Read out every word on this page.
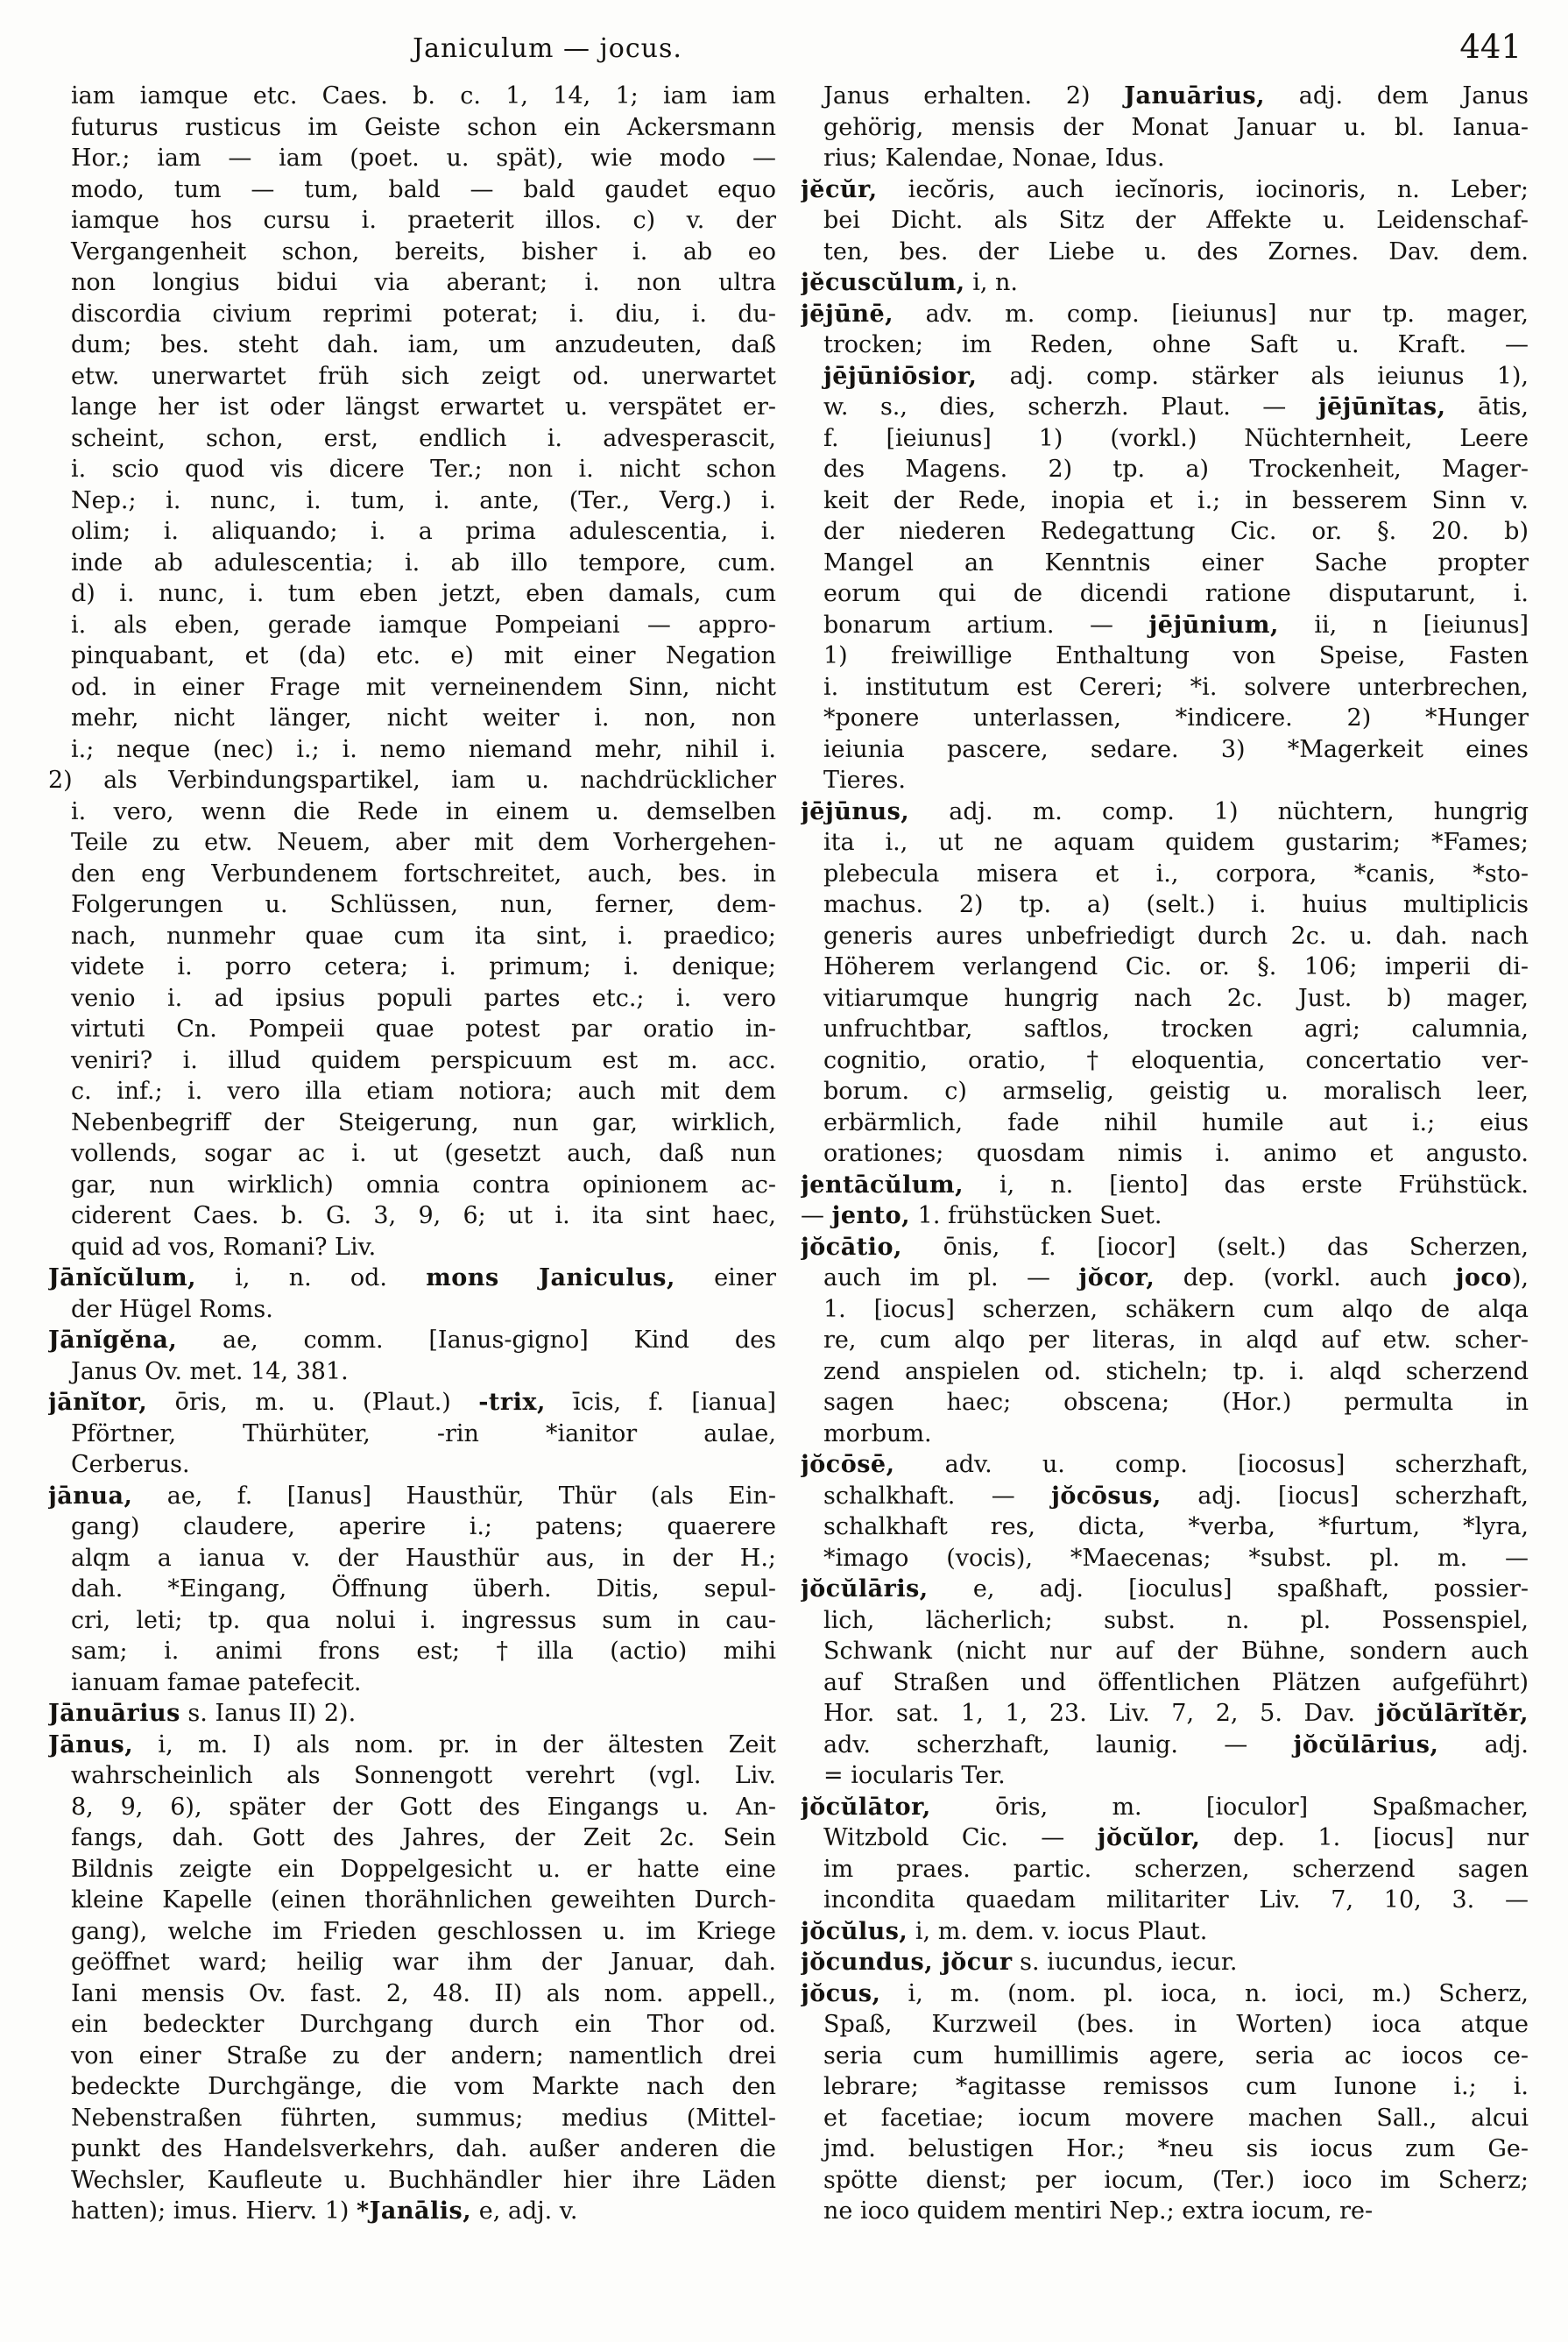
Janiculum — jocus.	441
iam iamque etc. Caes. b. c. 1, 14, 1; iam iam
futurus rusticus im Geiste schon ein Ackersmann
Hor.; iam — iam (poet. u. spät), wie modo —
modo, tum — tum, bald — bald gaudet equo
iamque hos cursu i. praeterit illos. c) v. der
Vergangenheit schon, bereits, bisher i. ab eo
non longius bidui via aberant; i. non ultra
discordia civium reprimi poterat; i. diu, i. du-
dum; bes. steht dah. iam, um anzudeuten, daß
etw. unerwartet früh sich zeigt od. unerwartet
lange her ist oder längst erwartet u. verspätet er-
scheint, schon, erst, endlich i. advesperascit,
i. scio quod vis dicere Ter.; non i. nicht schon
Nep.; i. nunc, i. tum, i. ante, (Ter., Verg.) i.
olim; i. aliquando; i. a prima adulescentia, i.
inde ab adulescentia; i. ab illo tempore, cum.
d) i. nunc, i. tum eben jetzt, eben damals, cum
i. als eben, gerade iamque Pompeiani — appro-
pinquabant, et (da) etc. e) mit einer Negation
od. in einer Frage mit verneinendem Sinn, nicht
mehr, nicht länger, nicht weiter i. non, non
i.; neque (nec) i.; i. nemo niemand mehr, nihil i.
2) als Verbindungspartikel, iam u. nachdrücklicher
i. vero, wenn die Rede in einem u. demselben
Teile zu etw. Neuem, aber mit dem Vorhergehen-
den eng Verbundenem fortschreitet, auch, bes. in
Folgerungen u. Schlüssen, nun, ferner, dem-
nach, nunmehr quae cum ita sint, i. praedico;
videte i. porro cetera; i. primum; i. denique;
venio i. ad ipsius populi partes etc.; i. vero
virtuti Cn. Pompeii quae potest par oratio in-
veniri? i. illud quidem perspicuum est m. acc.
c. inf.; i. vero illa etiam notiora; auch mit dem
Nebenbegriff der Steigerung, nun gar, wirklich,
vollends, sogar ac i. ut (gesetzt auch, daß nun
gar, nun wirklich) omnia contra opinionem ac-
ciderent Caes. b. G. 3, 9, 6; ut i. ita sint haec,
quid ad vos, Romani? Liv.
Jānĭcŭlum, i, n. od. mons Janiculus, einer
der Hügel Roms.
Jānĭgĕna, ae, comm. [Ianus-gigno] Kind des
Janus Ov. met. 14, 381.
jānĭtor, ōris, m. u. (Plaut.) -trix, īcis, f. [ianua]
Pförtner, Thürhüter, -rin *ianitor aulae,
Cerberus.
jānua, ae, f. [Ianus] Hausthür, Thür (als Ein-
gang) claudere, aperire i.; patens; quaerere
alqm a ianua v. der Hausthür aus, in der H.;
dah. *Eingang, Öffnung überh. Ditis, sepul-
cri, leti; tp. qua nolui i. ingressus sum in cau-
sam; i. animi frons est; †illa (actio) mihi
ianuam famae patefecit.
Jānuārius s. Ianus II) 2).
Jānus, i, m. I) als nom. pr. in der ältesten Zeit
wahrscheinlich als Sonnengott verehrt (vgl. Liv.
8, 9, 6), später der Gott des Eingangs u. An-
fangs, dah. Gott des Jahres, der Zeit 2c. Sein
Bildnis zeigte ein Doppelgesicht u. er hatte eine
kleine Kapelle (einen thorähnlichen geweihten Durch-
gang), welche im Frieden geschlossen u. im Kriege
geöffnet ward; heilig war ihm der Januar, dah.
Iani mensis Ov. fast. 2, 48. II) als nom. appell.,
ein bedeckter Durchgang durch ein Thor od.
von einer Straße zu der andern; namentlich drei
bedeckte Durchgänge, die vom Markte nach den
Nebenstraßen führten, summus; medius (Mittel-
punkt des Handelsverkehrs, dah. außer anderen die
Wechsler, Kaufleute u. Buchhändler hier ihre Läden
hatten); imus. Hierv. 1) *Janālis, e, adj. v.
Janus erhalten. 2) Januārius, adj. dem Janus
gehörig, mensis der Monat Januar u. bl. Ianua-
rius; Kalendae, Nonae, Idus.
jĕcŭr, iecŏris, auch iecĭnoris, iocinoris, n. Leber;
bei Dicht. als Sitz der Affekte u. Leidenschaf-
ten, bes. der Liebe u. des Zornes. Dav. dem.
jĕcuscŭlum, i, n.
jējūnē, adv. m. comp. [ieiunus] nur tp. mager,
trocken; im Reden, ohne Saft u. Kraft. —
jējūniōsior, adj. comp. stärker als ieiunus 1),
w. s., dies, scherzh. Plaut. — jējūnĭtas, ātis,
f. [ieiunus] 1) (vorkl.) Nüchternheit, Leere
des Magens. 2) tp. a) Trockenheit, Mager-
keit der Rede, inopia et i.; in besserem Sinn v.
der niederen Redegattung Cic. or. §. 20. b)
Mangel an Kenntnis einer Sache propter
eorum qui de dicendi ratione disputarunt, i.
bonarum artium. — jējūnium, ii, n [ieiunus]
1) freiwillige Enthaltung von Speise, Fasten
i. institutum est Cereri; *i. solvere unterbrechen,
*ponere unterlassen, *indicere. 2) *Hunger
ieiunia pascere, sedare. 3) *Magerkeit eines
Tieres.
jējūnus, adj. m. comp. 1) nüchtern, hungrig
ita i., ut ne aquam quidem gustarim; *Fames;
plebecula misera et i., corpora, *canis, *sto-
machus. 2) tp. a) (selt.) i. huius multiplicis
generis aures unbefriedigt durch 2c. u. dah. nach
Höherem verlangend Cic. or. §. 106; imperii di-
vitiarumque hungrig nach 2c. Just. b) mager,
unfruchtbar, saftlos, trocken agri; calumnia,
cognitio, oratio, †eloquentia, concertatio ver-
borum. c) armselig, geistig u. moralisch leer,
erbärmlich, fade nihil humile aut i.; eius
orationes; quosdam nimis i. animo et angusto.
jentācŭlum, i, n. [iento] das erste Frühstück.
— jento, 1. frühstücken Suet.
jŏcātio, ōnis, f. [iocor] (selt.) das Scherzen,
auch im pl. — jŏcor, dep. (vorkl. auch joco),
1. [iocus] scherzen, schäkern cum alqo de alqa
re, cum alqo per literas, in alqd auf etw. scher-
zend anspielen od. sticheln; tp. i. alqd scherzend
sagen haec; obscena; (Hor.) permulta in
morbum.
jŏcōsē, adv. u. comp. [iocosus] scherzhaft,
schalkhaft. — jŏcōsus, adj. [iocus] scherzhaft,
schalkhaft res, dicta, *verba, *furtum, *lyra,
*imago (vocis), *Maecenas; *subst. pl. m. —
jŏcŭlāris, e, adj. [ioculus] spaßhaft, possier-
lich, lächerlich; subst. n. pl. Possenspiel,
Schwank (nicht nur auf der Bühne, sondern auch
auf Straßen und öffentlichen Plätzen aufgeführt)
Hor. sat. 1, 1, 23. Liv. 7, 2, 5. Dav. jŏcŭlārĭtĕr,
adv. scherzhaft, launig. — jŏcŭlārius, adj.
= iocularis Ter.
jŏcŭlātor, ōris, m. [ioculor] Spaßmacher,
Witzbold Cic. — jŏcŭlor, dep. 1. [iocus] nur
im praes. partic. scherzen, scherzend sagen
incondita quaedam militariter Liv. 7, 10, 3. —
jŏcŭlus, i, m. dem. v. iocus Plaut.
jŏcundus, jŏcur s. iucundus, iecur.
jŏcus, i, m. (nom. pl. ioca, n. ioci, m.) Scherz,
Spaß, Kurzweil (bes. in Worten) ioca atque
seria cum humillimis agere, seria ac iocos ce-
lebrare; *agitasse remissos cum Iunone i.; i.
et facetiae; iocum movere machen Sall., alcui
jmd. belustigen Hor.; *neu sis iocus zum Ge-
spötte dienst; per iocum, (Ter.) ioco im Scherz;
ne ioco quidem mentiri Nep.; extra iocum, re-
